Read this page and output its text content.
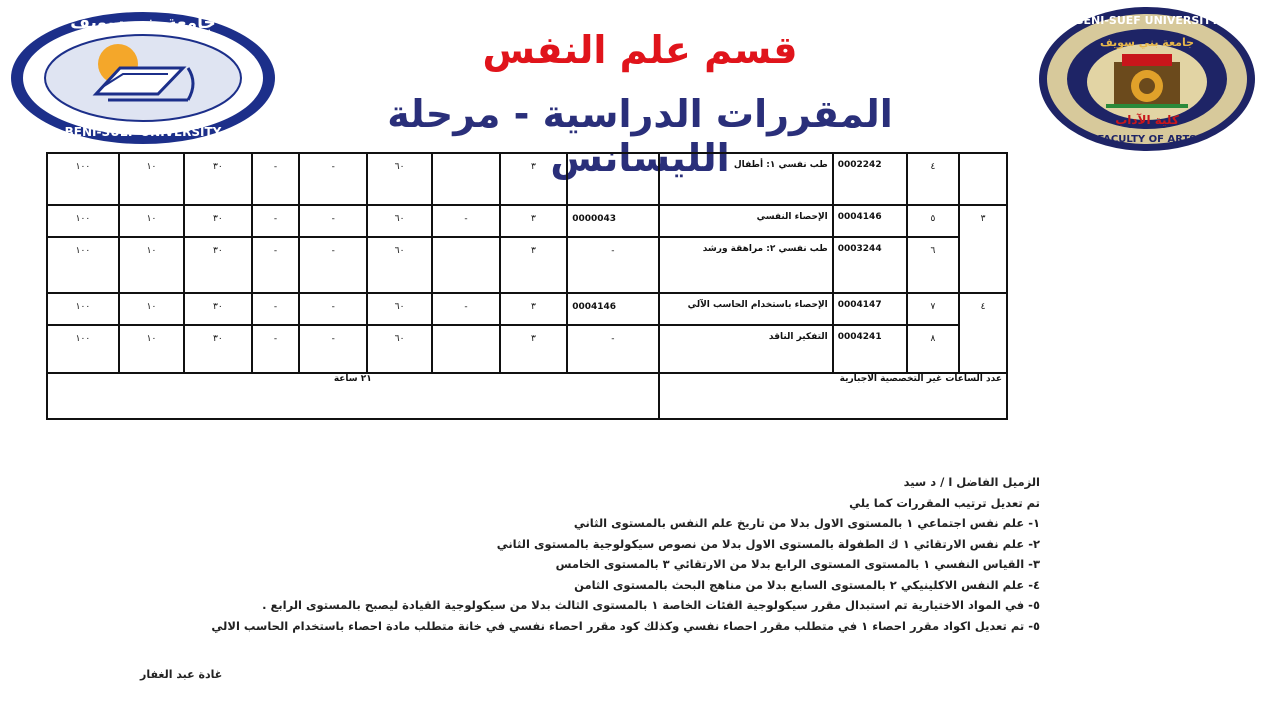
جامعة بنى سويف
BENI-SUEF UNIVERSITY
BENI-SUEF UNIVERSITY
جامعة بني سويف
كلية الآداب
FACULTY OF ARTS
قسم علم النفس
المقررات الدراسية - مرحلة الليسانس
١٠٠	١٠	٣٠	-	-	٦٠		٣		طب نفسي ١: أطفال	0002242	٤	
١٠٠	١٠	٣٠	-	-	٦٠	-	٣	0000043	الإحصاء النفسي	0004146	٥	٣
١٠٠	١٠	٣٠	-	-	٦٠		٣	-	طب نفسي ٢: مراهقة ورشد	0003244	٦	
١٠٠	١٠	٣٠	-	-	٦٠	-	٣	0004146	الإحصاء باستخدام الحاسب الآلي	0004147	٧	٤
١٠٠	١٠	٣٠	-	-	٦٠		٣	-	التفكير الناقد	0004241	٨	
٢١ ساعة									عدد الساعات غير التخصصية الاجبارية			
الزميل الفاضل ا / د سيد
تم تعديل ترتيب المقررات كما يلي
١- علم نفس اجتماعي ١ بالمستوى الاول بدلا من تاريخ علم النفس بالمستوى الثاني
٢- علم نفس الارتقائي ١ ك الطفولة بالمستوى الاول بدلا من نصوص سيكولوجية بالمستوى الثاني
٣- القياس النفسي ١ بالمستوى المستوى الرابع بدلا من الارتقائي ٣ بالمستوى الخامس
٤- علم النفس الاكلينيكي ٢ بالمستوى السابع بدلا من مناهج البحث بالمستوى الثامن
٥- في المواد الاختيارية تم استبدال مقرر سيكولوجية الفئات الخاصة ١ بالمستوى الثالث بدلا من سيكولوجية القيادة ليصبح بالمستوى الرابع .
٥- تم تعديل اكواد مقرر احصاء ١ في متطلب مقرر احصاء نفسي وكذلك كود مقرر احصاء نفسي في خانة متطلب مادة احصاء باستخدام الحاسب الالي
غادة عبد الغفار
